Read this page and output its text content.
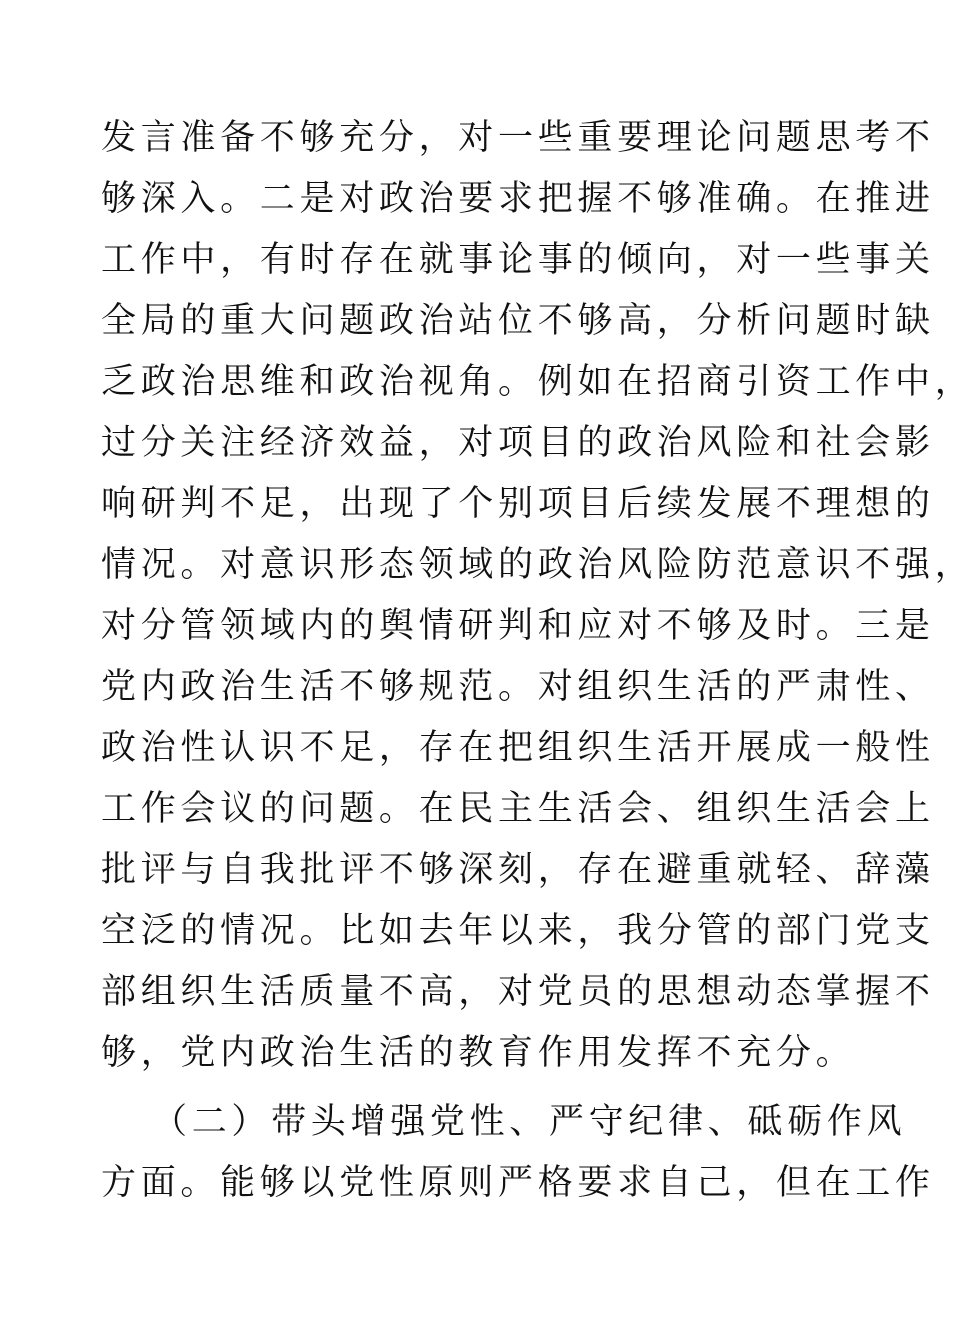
发言准备不够充分，对一些重要理论问题思考不
够深入。二是对政治要求把握不够准确。在推进
工作中，有时存在就事论事的倾向，对一些事关
全局的重大问题政治站位不够高，分析问题时缺
乏政治思维和政治视角。例如在招商引资工作中，
过分关注经济效益，对项目的政治风险和社会影
响研判不足，出现了个别项目后续发展不理想的
情况。对意识形态领域的政治风险防范意识不强，
对分管领域内的舆情研判和应对不够及时。三是
党内政治生活不够规范。对组织生活的严肃性、
政治性认识不足，存在把组织生活开展成一般性
工作会议的问题。在民主生活会、组织生活会上
批评与自我批评不够深刻，存在避重就轻、辞藻
空泛的情况。比如去年以来，我分管的部门党支
部组织生活质量不高，对党员的思想动态掌握不
够，党内政治生活的教育作用发挥不充分。
（二）带头增强党性、严守纪律、砥砺作风
方面。能够以党性原则严格要求自己，但在工作
